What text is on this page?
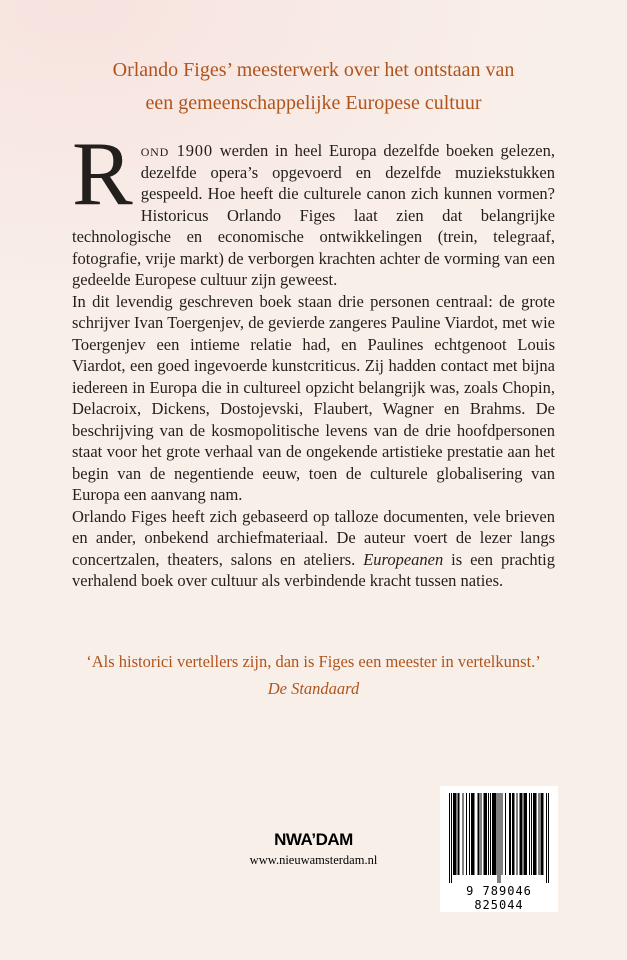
Orlando Figes’ meesterwerk over het ontstaan van
een gemeenschappelijke Europese cultuur

Rond 1900 werden in heel Europa dezelfde boeken gelezen, dezelfde opera’s opgevoerd en dezelfde muziekstukken gespeeld. Hoe heeft die culturele canon zich kunnen vormen? Historicus Orlando Figes laat zien dat belangrijke technologische en economische ontwikkelingen (trein, telegraaf, fotografie, vrije markt) de verborgen krachten achter de vorming van een gedeelde Europese cultuur zijn geweest.

In dit levendig geschreven boek staan drie personen centraal: de grote schrijver Ivan Toergenjev, de gevierde zangeres Pauline Viardot, met wie Toergenjev een intieme relatie had, en Paulines echtgenoot Louis Viardot, een goed ingevoerde kunstcriticus. Zij hadden contact met bijna iedereen in Europa die in cultureel opzicht belangrijk was, zoals Chopin, Delacroix, Dickens, Dostojevski, Flaubert, Wagner en Brahms. De beschrijving van de kosmopolitische levens van de drie hoofdpersonen staat voor het grote verhaal van de ongekende artistieke prestatie aan het begin van de negentiende eeuw, toen de culturele globalisering van Europa een aanvang nam.

Orlando Figes heeft zich gebaseerd op talloze documenten, vele brieven en ander, onbekend archiefmateriaal. De auteur voert de lezer langs concertzalen, theaters, salons en ateliers. Europeanen is een prachtig verhalend boek over cultuur als verbindende kracht tussen naties.

‘Als historici vertellers zijn, dan is Figes een meester in vertelkunst.’
De Standaard
NWA’DAM
www.nieuwamsterdam.nl
9 789046 825044
